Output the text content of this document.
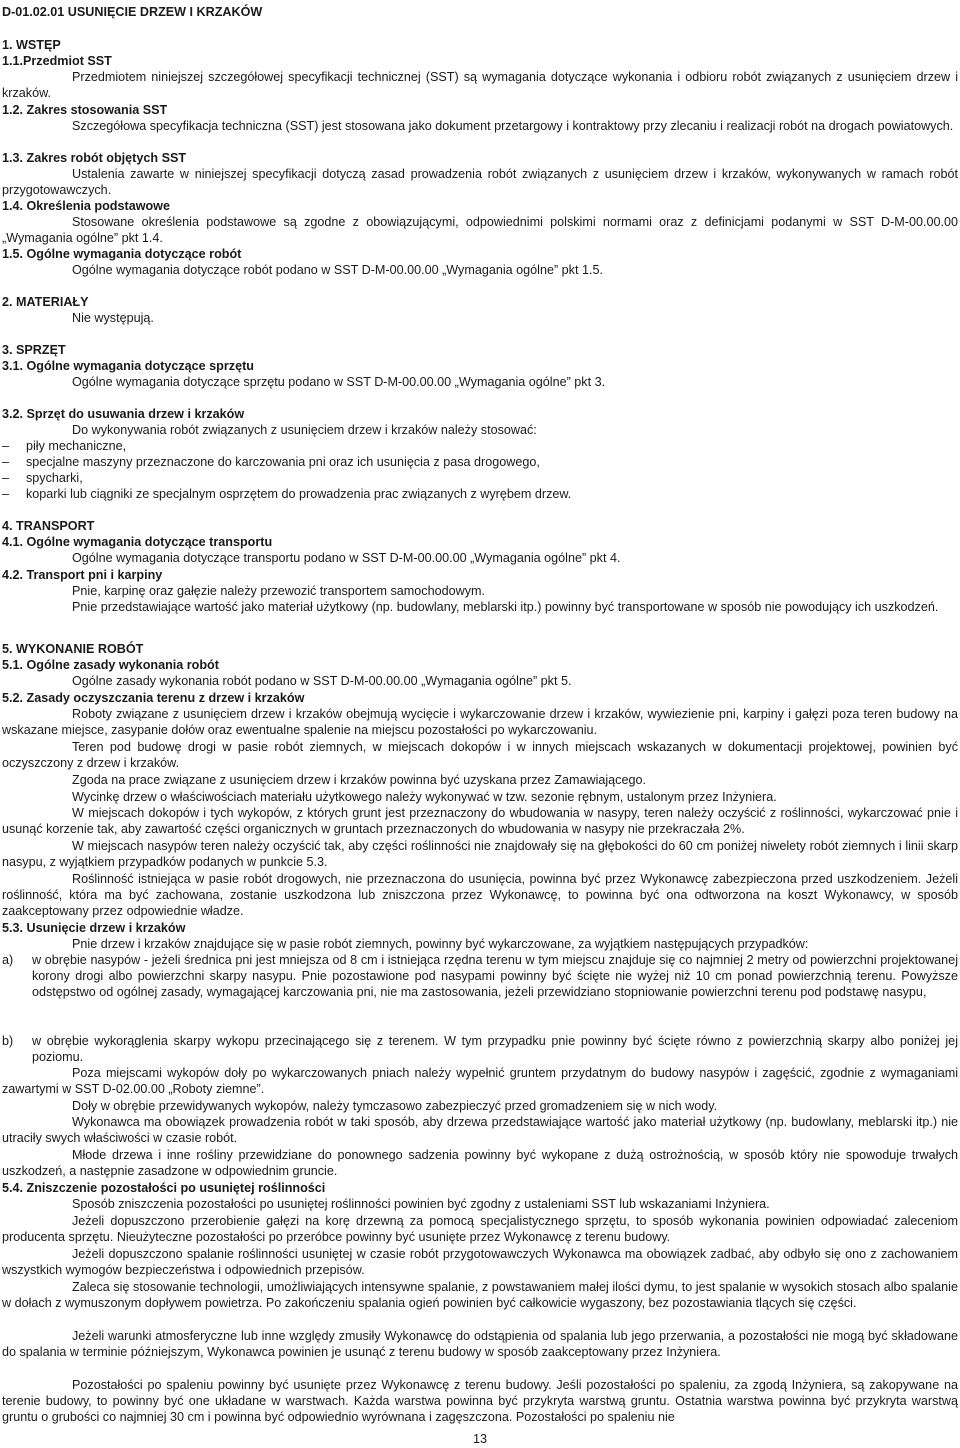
D-01.02.01 USUNIĘCIE DRZEW I KRZAKÓW
1. WSTĘP
1.1.Przedmiot SST
Przedmiotem niniejszej szczegółowej specyfikacji technicznej (SST) są wymagania dotyczące wykonania i odbioru robót związanych z usunięciem drzew i krzaków.
1.2. Zakres stosowania SST
Szczegółowa specyfikacja techniczna (SST) jest stosowana jako dokument przetargowy i kontraktowy przy zlecaniu i realizacji robót na drogach powiatowych.
1.3. Zakres robót objętych SST
Ustalenia zawarte w niniejszej specyfikacji dotyczą zasad prowadzenia robót związanych z usunięciem drzew i krzaków, wykonywanych w ramach robót przygotowawczych.
1.4. Określenia podstawowe
Stosowane określenia podstawowe są zgodne z obowiązującymi, odpowiednimi polskimi normami oraz z definicjami podanymi w SST D-M-00.00.00 „Wymagania ogólne” pkt 1.4.
1.5. Ogólne wymagania dotyczące robót
Ogólne wymagania dotyczące robót podano w SST D-M-00.00.00 „Wymagania ogólne” pkt 1.5.
2. MATERIAŁY
Nie występują.
3. SPRZĘT
3.1. Ogólne wymagania dotyczące sprzętu
Ogólne wymagania dotyczące sprzętu podano w SST D-M-00.00.00 „Wymagania ogólne” pkt 3.
3.2. Sprzęt do usuwania drzew i krzaków
Do wykonywania robót związanych z usunięciem drzew i krzaków należy stosować:
– piły mechaniczne,
– specjalne maszyny przeznaczone do karczowania pni oraz ich usunięcia z pasa drogowego,
– spycharki,
– koparki lub ciągniki ze specjalnym osprzętem do prowadzenia prac związanych z wyrębem drzew.
4. TRANSPORT
4.1. Ogólne wymagania dotyczące transportu
Ogólne wymagania dotyczące transportu podano w SST D-M-00.00.00 „Wymagania ogólne” pkt 4.
4.2. Transport pni i karpiny
Pnie, karpinę oraz gałęzie należy przewozić transportem samochodowym.
Pnie przedstawiające wartość jako materiał użytkowy (np. budowlany, meblarski itp.) powinny być transportowane w sposób nie powodujący ich uszkodzeń.
5. WYKONANIE ROBÓT
5.1. Ogólne zasady wykonania robót
Ogólne zasady wykonania robót podano w SST D-M-00.00.00 „Wymagania ogólne” pkt 5.
5.2. Zasady oczyszczania terenu z drzew i krzaków
Roboty związane z usunięciem drzew i krzaków obejmują wycięcie i wykarczowanie drzew i krzaków, wywiezienie pni, karpiny i gałęzi poza teren budowy na wskazane miejsce, zasypanie dołów oraz ewentualne spalenie na miejscu pozostałości po wykarczowaniu.
Teren pod budowę drogi w pasie robót ziemnych, w miejscach dokopów i w innych miejscach wskazanych w dokumentacji projektowej, powinien być oczyszczony z drzew i krzaków.
Zgoda na prace związane z usunięciem drzew i krzaków powinna być uzyskana przez Zamawiającego.
Wycinkę drzew o właściwościach materiału użytkowego należy wykonywać w tzw. sezonie rębnym, ustalonym przez Inżyniera.
W miejscach dokopów i tych wykopów, z których grunt jest przeznaczony do wbudowania w nasypy, teren należy oczyścić z roślinności, wykarczować pnie i usunąć korzenie tak, aby zawartość części organicznych w gruntach przeznaczonych do wbudowania w nasypy nie przekraczała 2%.
W miejscach nasypów teren należy oczyścić tak, aby części roślinności nie znajdowały się na głębokości do 60 cm poniżej niwelety robót ziemnych i linii skarp nasypu, z wyjątkiem przypadków podanych w punkcie 5.3.
Roślinność istniejąca w pasie robót drogowych, nie przeznaczona do usunięcia, powinna być przez Wykonawcę zabezpieczona przed uszkodzeniem. Jeżeli roślinność, która ma być zachowana, zostanie uszkodzona lub zniszczona przez Wykonawcę, to powinna być ona odtworzona na koszt Wykonawcy, w sposób zaakceptowany przez odpowiednie władze.
5.3. Usunięcie drzew i krzaków
Pnie drzew i krzaków znajdujące się w pasie robót ziemnych, powinny być wykarczowane, za wyjątkiem następujących przypadków:
a) w obrębie nasypów - jeżeli średnica pni jest mniejsza od 8 cm i istniejąca rzędna terenu w tym miejscu znajduje się co najmniej 2 metry od powierzchni projektowanej korony drogi albo powierzchni skarpy nasypu. Pnie pozostawione pod nasypami powinny być ścięte nie wyżej niż 10 cm ponad powierzchnią terenu. Powyższe odstępstwo od ogólnej zasady, wymagającej karczowania pni, nie ma zastosowania, jeżeli przewidziano stopniowanie powierzchni terenu pod podstawę nasypu,
b) w obrębie wykorąglenia skarpy wykopu przecinającego się z terenem. W tym przypadku pnie powinny być ścięte równo z powierzchnią skarpy albo poniżej jej poziomu.
Poza miejscami wykopów doły po wykarczowanych pniach należy wypełnić gruntem przydatnym do budowy nasypów i zagęścić, zgodnie z wymaganiami zawartymi w SST D-02.00.00 „Roboty ziemne”.
Doły w obrębie przewidywanych wykopów, należy tymczasowo zabezpieczyć przed gromadzeniem się w nich wody.
Wykonawca ma obowiązek prowadzenia robót w taki sposób, aby drzewa przedstawiające wartość jako materiał użytkowy (np. budowlany, meblarski itp.) nie utraciły swych właściwości w czasie robót.
Młode drzewa i inne rośliny przewidziane do ponownego sadzenia powinny być wykopane z dużą ostrożnością, w sposób który nie spowoduje trwałych uszkodzeń, a następnie zasadzone w odpowiednim gruncie.
5.4. Zniszczenie pozostałości po usuniętej roślinności
Sposób zniszczenia pozostałości po usuniętej roślinności powinien być zgodny z ustaleniami SST lub wskazaniami Inżyniera.
Jeżeli dopuszczono przerobienie gałęzi na korę drzewną za pomocą specjalistycznego sprzętu, to sposób wykonania powinien odpowiadać zaleceniom producenta sprzętu. Nieużyteczne pozostałości po przeróbce powinny być usunięte przez Wykonawcę z terenu budowy.
Jeżeli dopuszczono spalanie roślinności usuniętej w czasie robót przygotowawczych Wykonawca ma obowiązek zadbać, aby odbyło się ono z zachowaniem wszystkich wymogów bezpieczeństwa i odpowiednich przepisów.
Zaleca się stosowanie technologii, umożliwiających intensywne spalanie, z powstawaniem małej ilości dymu, to jest spalanie w wysokich stosach albo spalanie w dołach z wymuszonym dopływem powietrza. Po zakończeniu spalania ogień powinien być całkowicie wygaszony, bez pozostawiania tlących się części.
Jeżeli warunki atmosferyczne lub inne względy zmusiły Wykonawcę do odstąpienia od spalania lub jego przerwania, a pozostałości nie mogą być składowane do spalania w terminie późniejszym, Wykonawca powinien je usunąć z terenu budowy w sposób zaakceptowany przez Inżyniera.
Pozostałości po spaleniu powinny być usunięte przez Wykonawcę z terenu budowy. Jeśli pozostałości po spaleniu, za zgodą Inżyniera, są zakopywane na terenie budowy, to powinny być one układane w warstwach. Każda warstwa powinna być przykryta warstwą gruntu. Ostatnia warstwa powinna być przykryta warstwą gruntu o grubości co najmniej 30 cm i powinna być odpowiednio wyrównana i zagęszczona. Pozostałości po spaleniu nie
13
